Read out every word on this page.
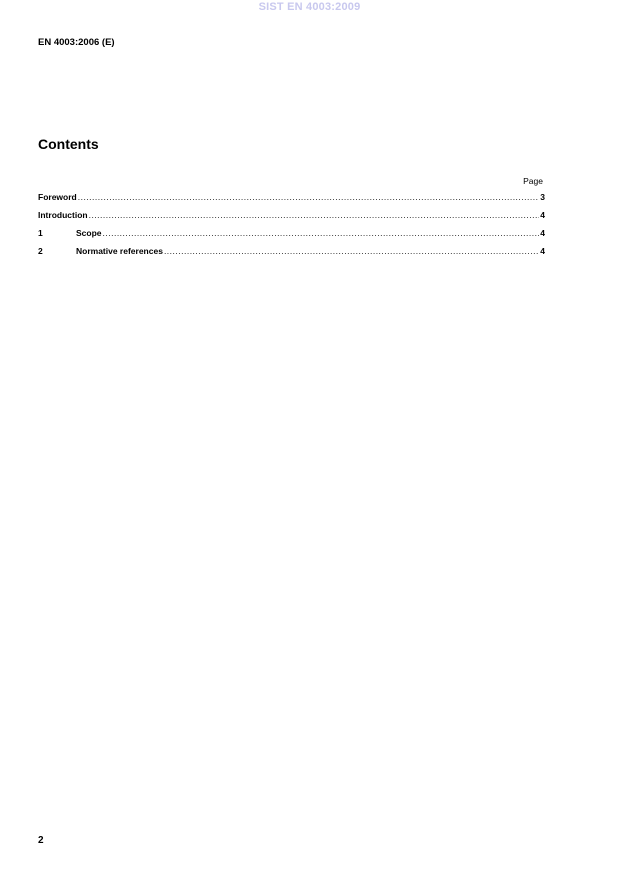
SIST EN 4003:2009
EN 4003:2006 (E)
Contents
Page
Foreword .....	3
Introduction .....	4
1	Scope .....	4
2	Normative references .....	4
2
